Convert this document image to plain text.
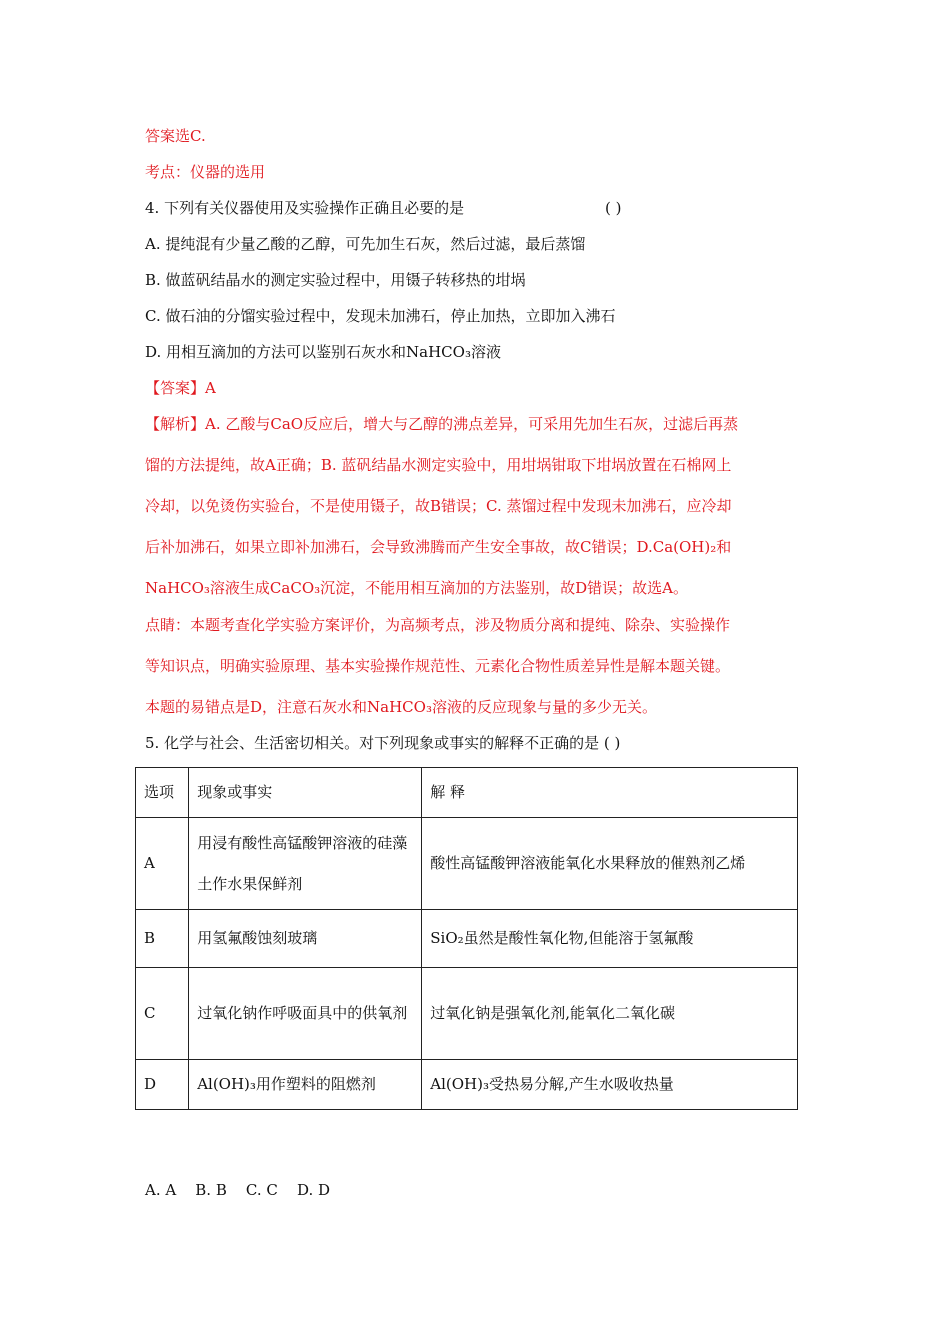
答案选C.
考点：仪器的选用
4. 下列有关仪器使用及实验操作正确且必要的是	( )
A. 提纯混有少量乙酸的乙醇，可先加生石灰，然后过滤，最后蒸馏
B. 做蓝矾结晶水的测定实验过程中，用镊子转移热的坩埚
C. 做石油的分馏实验过程中，发现未加沸石，停止加热，立即加入沸石
D. 用相互滴加的方法可以鉴别石灰水和NaHCO₃溶液
【答案】A
【解析】A. 乙酸与CaO反应后，增大与乙醇的沸点差异，可采用先加生石灰，过滤后再蒸
馏的方法提纯，故A正确；B. 蓝矾结晶水测定实验中，用坩埚钳取下坩埚放置在石棉网上
冷却，以免烫伤实验台，不是使用镊子，故B错误；C. 蒸馏过程中发现未加沸石，应冷却
后补加沸石，如果立即补加沸石，会导致沸腾而产生安全事故，故C错误；D.Ca(OH)₂和
NaHCO₃溶液生成CaCO₃沉淀，不能用相互滴加的方法鉴别，故D错误；故选A。
点睛：本题考查化学实验方案评价，为高频考点，涉及物质分离和提纯、除杂、实验操作
等知识点，明确实验原理、基本实验操作规范性、元素化合物性质差异性是解本题关键。
本题的易错点是D，注意石灰水和NaHCO₃溶液的反应现象与量的多少无关。
5. 化学与社会、生活密切相关。对下列现象或事实的解释不正确的是 ( )
选项	现象或事实	解 释
A	用浸有酸性高锰酸钾溶液的硅藻土作水果保鲜剂	酸性高锰酸钾溶液能氧化水果释放的催熟剂乙烯
B	用氢氟酸蚀刻玻璃	SiO₂虽然是酸性氧化物,但能溶于氢氟酸
C	过氧化钠作呼吸面具中的供氧剂	过氧化钠是强氧化剂,能氧化二氧化碳
D	Al(OH)₃用作塑料的阻燃剂	Al(OH)₃受热易分解,产生水吸收热量
A. A    B. B    C. C    D. D
